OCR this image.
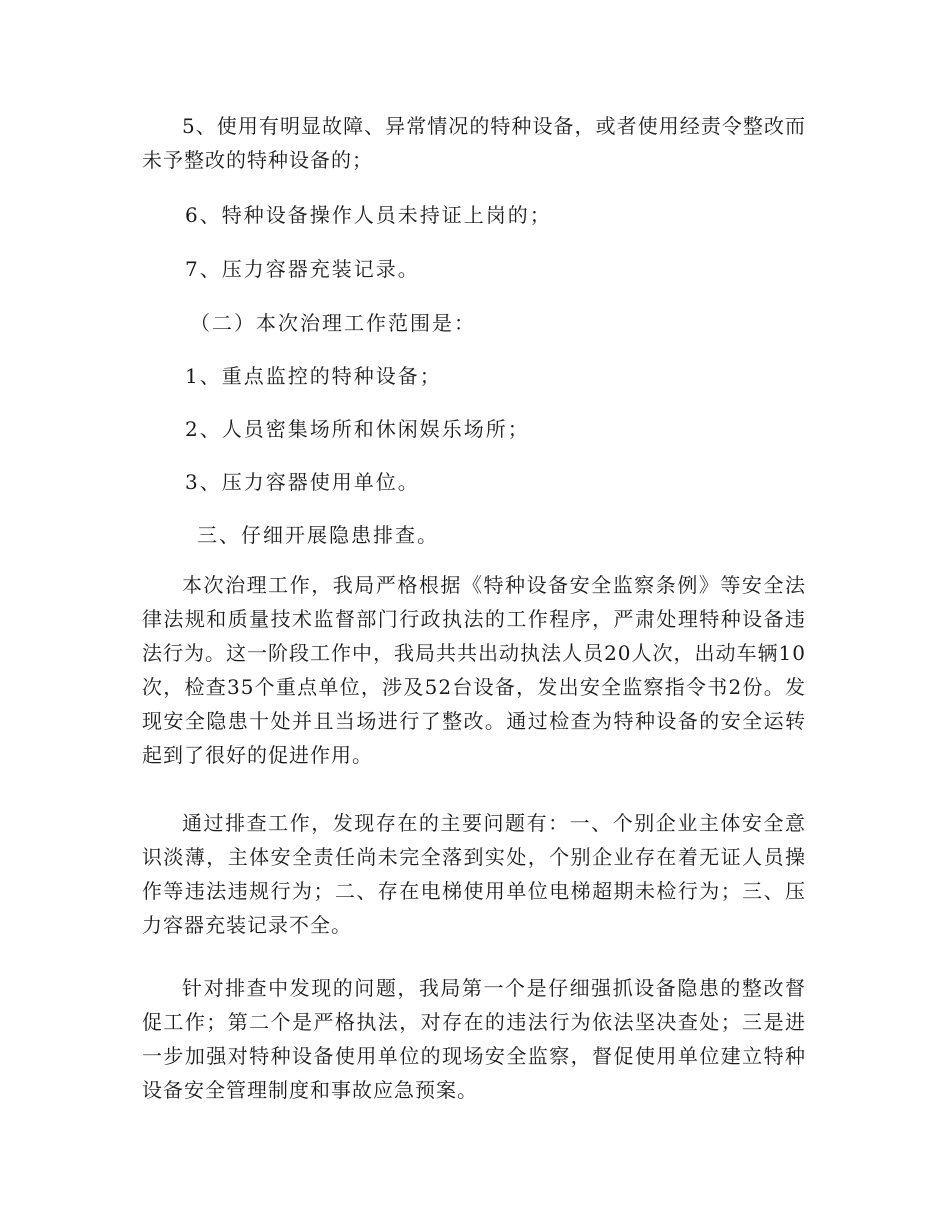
5、使用有明显故障、异常情况的特种设备，或者使用经责令整改而未予整改的特种设备的；

6、特种设备操作人员未持证上岗的；

7、压力容器充装记录。

（二）本次治理工作范围是：

1、重点监控的特种设备；

2、人员密集场所和休闲娱乐场所；

3、压力容器使用单位。

三、仔细开展隐患排查。

本次治理工作，我局严格根据《特种设备安全监察条例》等安全法律法规和质量技术监督部门行政执法的工作程序，严肃处理特种设备违法行为。这一阶段工作中，我局共共出动执法人员20人次，出动车辆10次，检查35个重点单位，涉及52台设备，发出安全监察指令书2份。发现安全隐患十处并且当场进行了整改。通过检查为特种设备的安全运转起到了很好的促进作用。

通过排查工作，发现存在的主要问题有：一、个别企业主体安全意识淡薄，主体安全责任尚未完全落到实处，个别企业存在着无证人员操作等违法违规行为；二、存在电梯使用单位电梯超期未检行为；三、压力容器充装记录不全。

针对排查中发现的问题，我局第一个是仔细强抓设备隐患的整改督促工作；第二个是严格执法，对存在的违法行为依法坚决查处；三是进一步加强对特种设备使用单位的现场安全监察，督促使用单位建立特种设备安全管理制度和事故应急预案。
